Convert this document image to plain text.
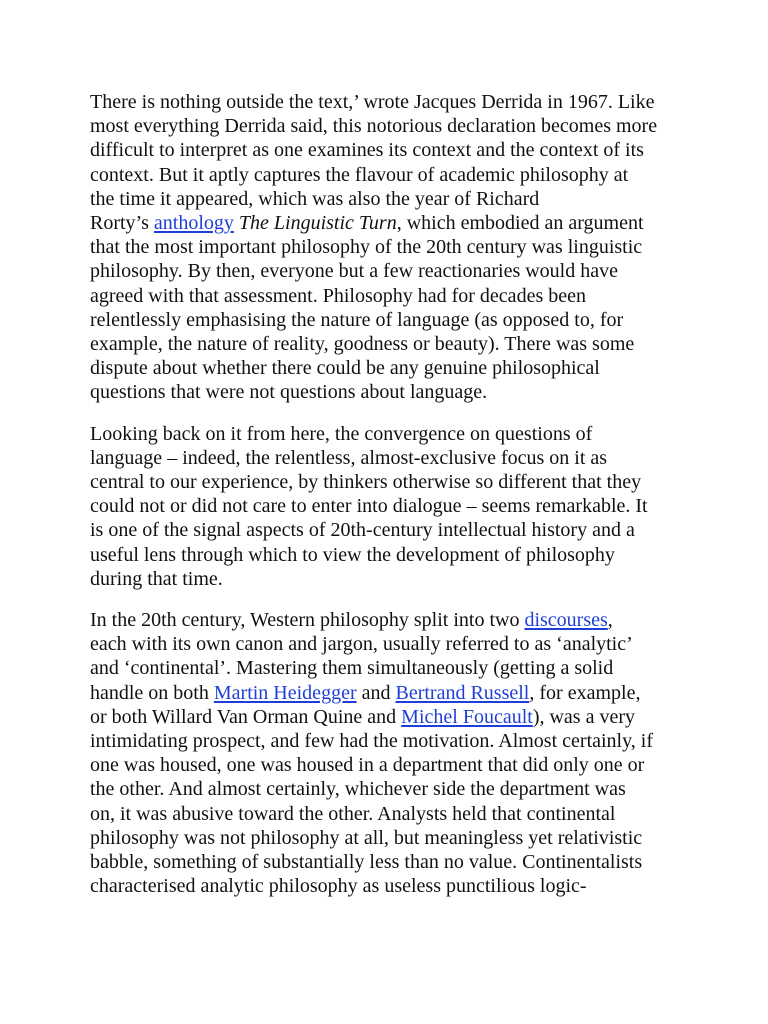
There is nothing outside the text,’ wrote Jacques Derrida in 1967. Like
most everything Derrida said, this notorious declaration becomes more
difficult to interpret as one examines its context and the context of its
context. But it aptly captures the flavour of academic philosophy at
the time it appeared, which was also the year of Richard
Rorty’s anthology The Linguistic Turn, which embodied an argument
that the most important philosophy of the 20th century was linguistic
philosophy. By then, everyone but a few reactionaries would have
agreed with that assessment. Philosophy had for decades been
relentlessly emphasising the nature of language (as opposed to, for
example, the nature of reality, goodness or beauty). There was some
dispute about whether there could be any genuine philosophical
questions that were not questions about language.

Looking back on it from here, the convergence on questions of
language – indeed, the relentless, almost-exclusive focus on it as
central to our experience, by thinkers otherwise so different that they
could not or did not care to enter into dialogue – seems remarkable. It
is one of the signal aspects of 20th-century intellectual history and a
useful lens through which to view the development of philosophy
during that time.

In the 20th century, Western philosophy split into two discourses,
each with its own canon and jargon, usually referred to as ‘analytic’
and ‘continental’. Mastering them simultaneously (getting a solid
handle on both Martin Heidegger and Bertrand Russell, for example,
or both Willard Van Orman Quine and Michel Foucault), was a very
intimidating prospect, and few had the motivation. Almost certainly, if
one was housed, one was housed in a department that did only one or
the other. And almost certainly, whichever side the department was
on, it was abusive toward the other. Analysts held that continental
philosophy was not philosophy at all, but meaningless yet relativistic
babble, something of substantially less than no value. Continentalists
characterised analytic philosophy as useless punctilious logic-
